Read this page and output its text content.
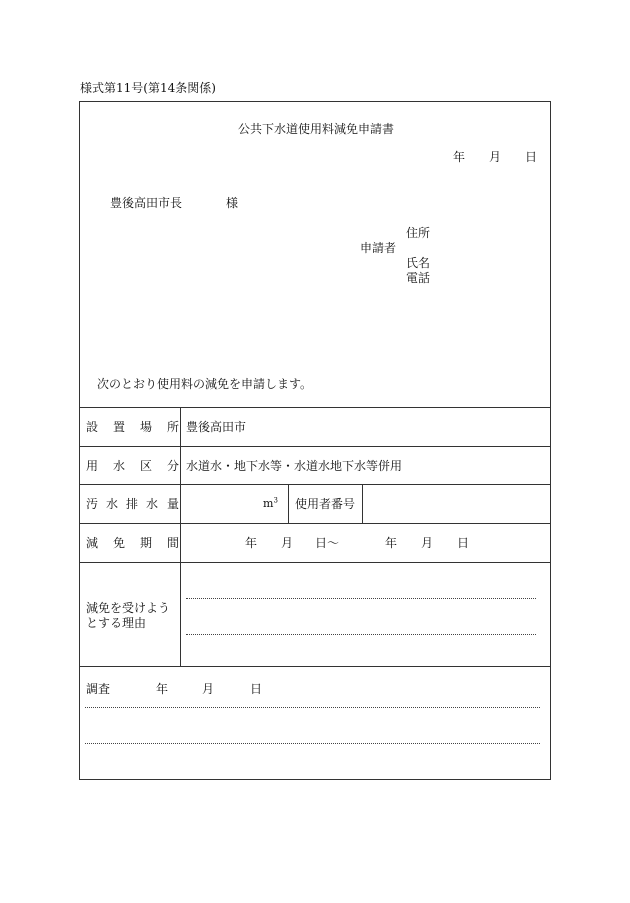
様式第11号(第14条関係)
公共下水道使用料減免申請書
年 月 日
豊後高田市長	様
申請者
住所
氏名
電話
次のとおり使用料の減免を申請します。
設 置 場 所 豊後高田市
用 水 区 分 水道水・地下水等・水道水地下水等併用
汚 水 排 水 量	$m^3$ 使用者番号
減 免 期 間	年 月 日～	年 月 日
減免を受けよう
とする理由
調査	年	月	日
